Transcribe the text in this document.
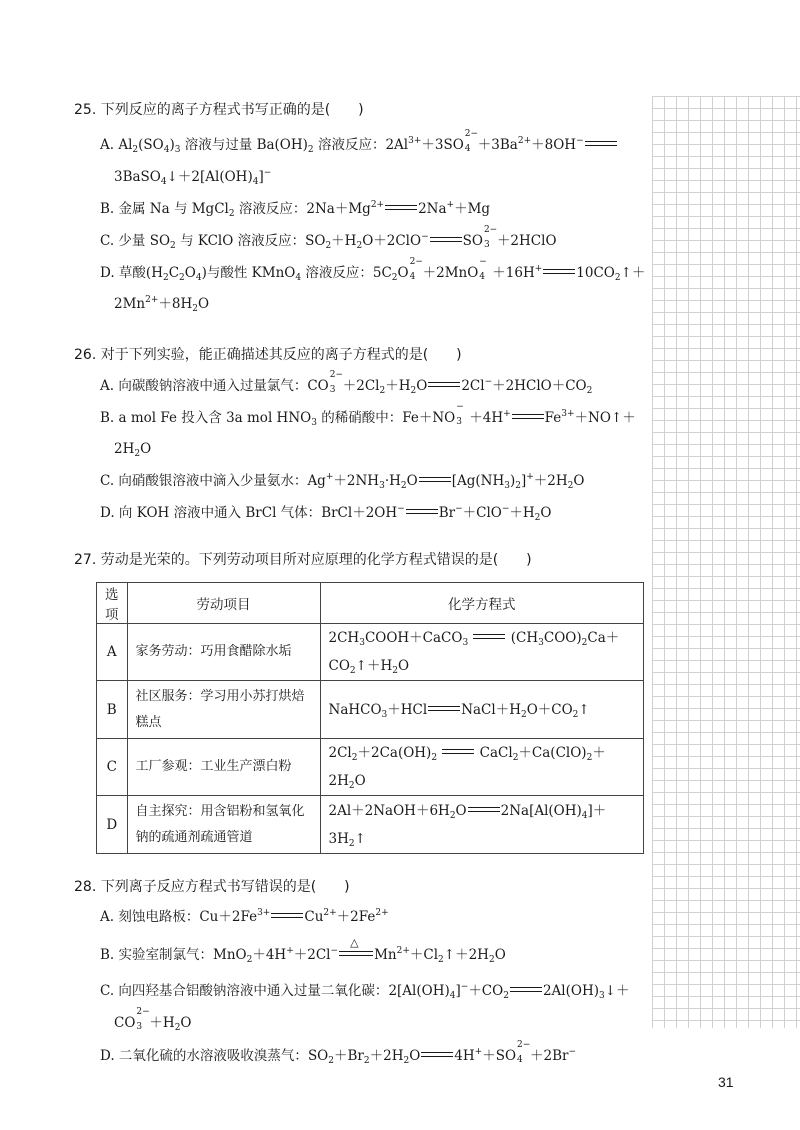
25. 下列反应的离子方程式书写正确的是(　　)
A. $Al_2(SO_4)_3$ 溶液与过量 $Ba(OH)_2$ 溶液反应：$2Al^{3+}+3SO$
2−
$4 +3Ba^{2+}+8OH^-$
$3BaSO_4↓+2[Al(OH)_4]^-$
B. 金属 Na 与 MgCl$_2$ 溶液反应：$2Na+Mg^{2+}$	2Na+＋Mg
C. 少量 $SO_2$ 与 KClO 溶液反应：$SO_2+H_2O+2ClO^-$	SO
2−
3 ＋2HClO
D. 草酸$(H_2C_2O_4)$与酸性 KMnO$_4$ 溶液反应：$5C_2O$
2−
4 ＋2MnO
−
4 ＋16H+	$10CO_2↑+$
$2Mn^{2+}+8H_2O$
26. 对于下列实验，能正确描述其反应的离子方程式的是(　　)
A. 向碳酸钠溶液中通入过量氯气：CO
2−
$3 +2Cl_2+H_2O$	$2Cl^-+2HClO+CO_2$
B. a mol Fe 投入含 3a mol $HNO_3$ 的稀硝酸中：Fe＋NO
−
3 ＋4H+	$Fe^{3+}+NO↑+$
$2H_2O$
C. 向硝酸银溶液中滴入少量氨水：$Ag^++2NH_3\cdot H_2O$	$[Ag(NH_3)_2]^++2H_2O$
D. 向 KOH 溶液中通入 BrCl 气体：BrCl＋2OH−	$Br^-+ClO^-+H_2O$
27. 劳动是光荣的。下列劳动项目所对应原理的化学方程式错误的是(　　)
选项	劳动项目	化学方程式
A	家务劳动：巧用食醋除水垢	$2CH_3COOH+CaCO_3$ $(CH_3COO)_2Ca+$
$CO_2↑+H_2O$
B	社区服务：学习用小苏打烘焙糕点	NaHCO$_3$＋HCl $NaCl+H_2O+CO_2↑$
C	工厂参观：工业生产漂白粉	$2Cl_2+2Ca(OH)_2$ $CaCl_2+Ca(ClO)_2+$
$2H_2O$
D	自主探究：用含铝粉和氢氧化钠的疏通剂疏通管道	$2Al+2NaOH+6H_2O$ $2Na[Al(OH)_4]+3H_2↑$
28. 下列离子反应方程式书写错误的是(　　)
A. 刻蚀电路板：$Cu+2Fe^{3+}$	$Cu^{2+}+2Fe^{2+}$
B. 实验室制氯气：MnO$_2$＋4H+＋2Cl−
△
$Mn^{2+}+Cl_2↑+2H_2O$
C. 向四羟基合铝酸钠溶液中通入过量二氧化碳：$2[Al(OH)_4]^-+CO_2$	$2Al(OH)_3↓+$
CO
2−
$3 +H_2O$
D. 二氧化硫的水溶液吸收溴蒸气：$SO_2+Br_2+2H_2O$	4H+＋SO
2−
4 ＋2Br−
31
